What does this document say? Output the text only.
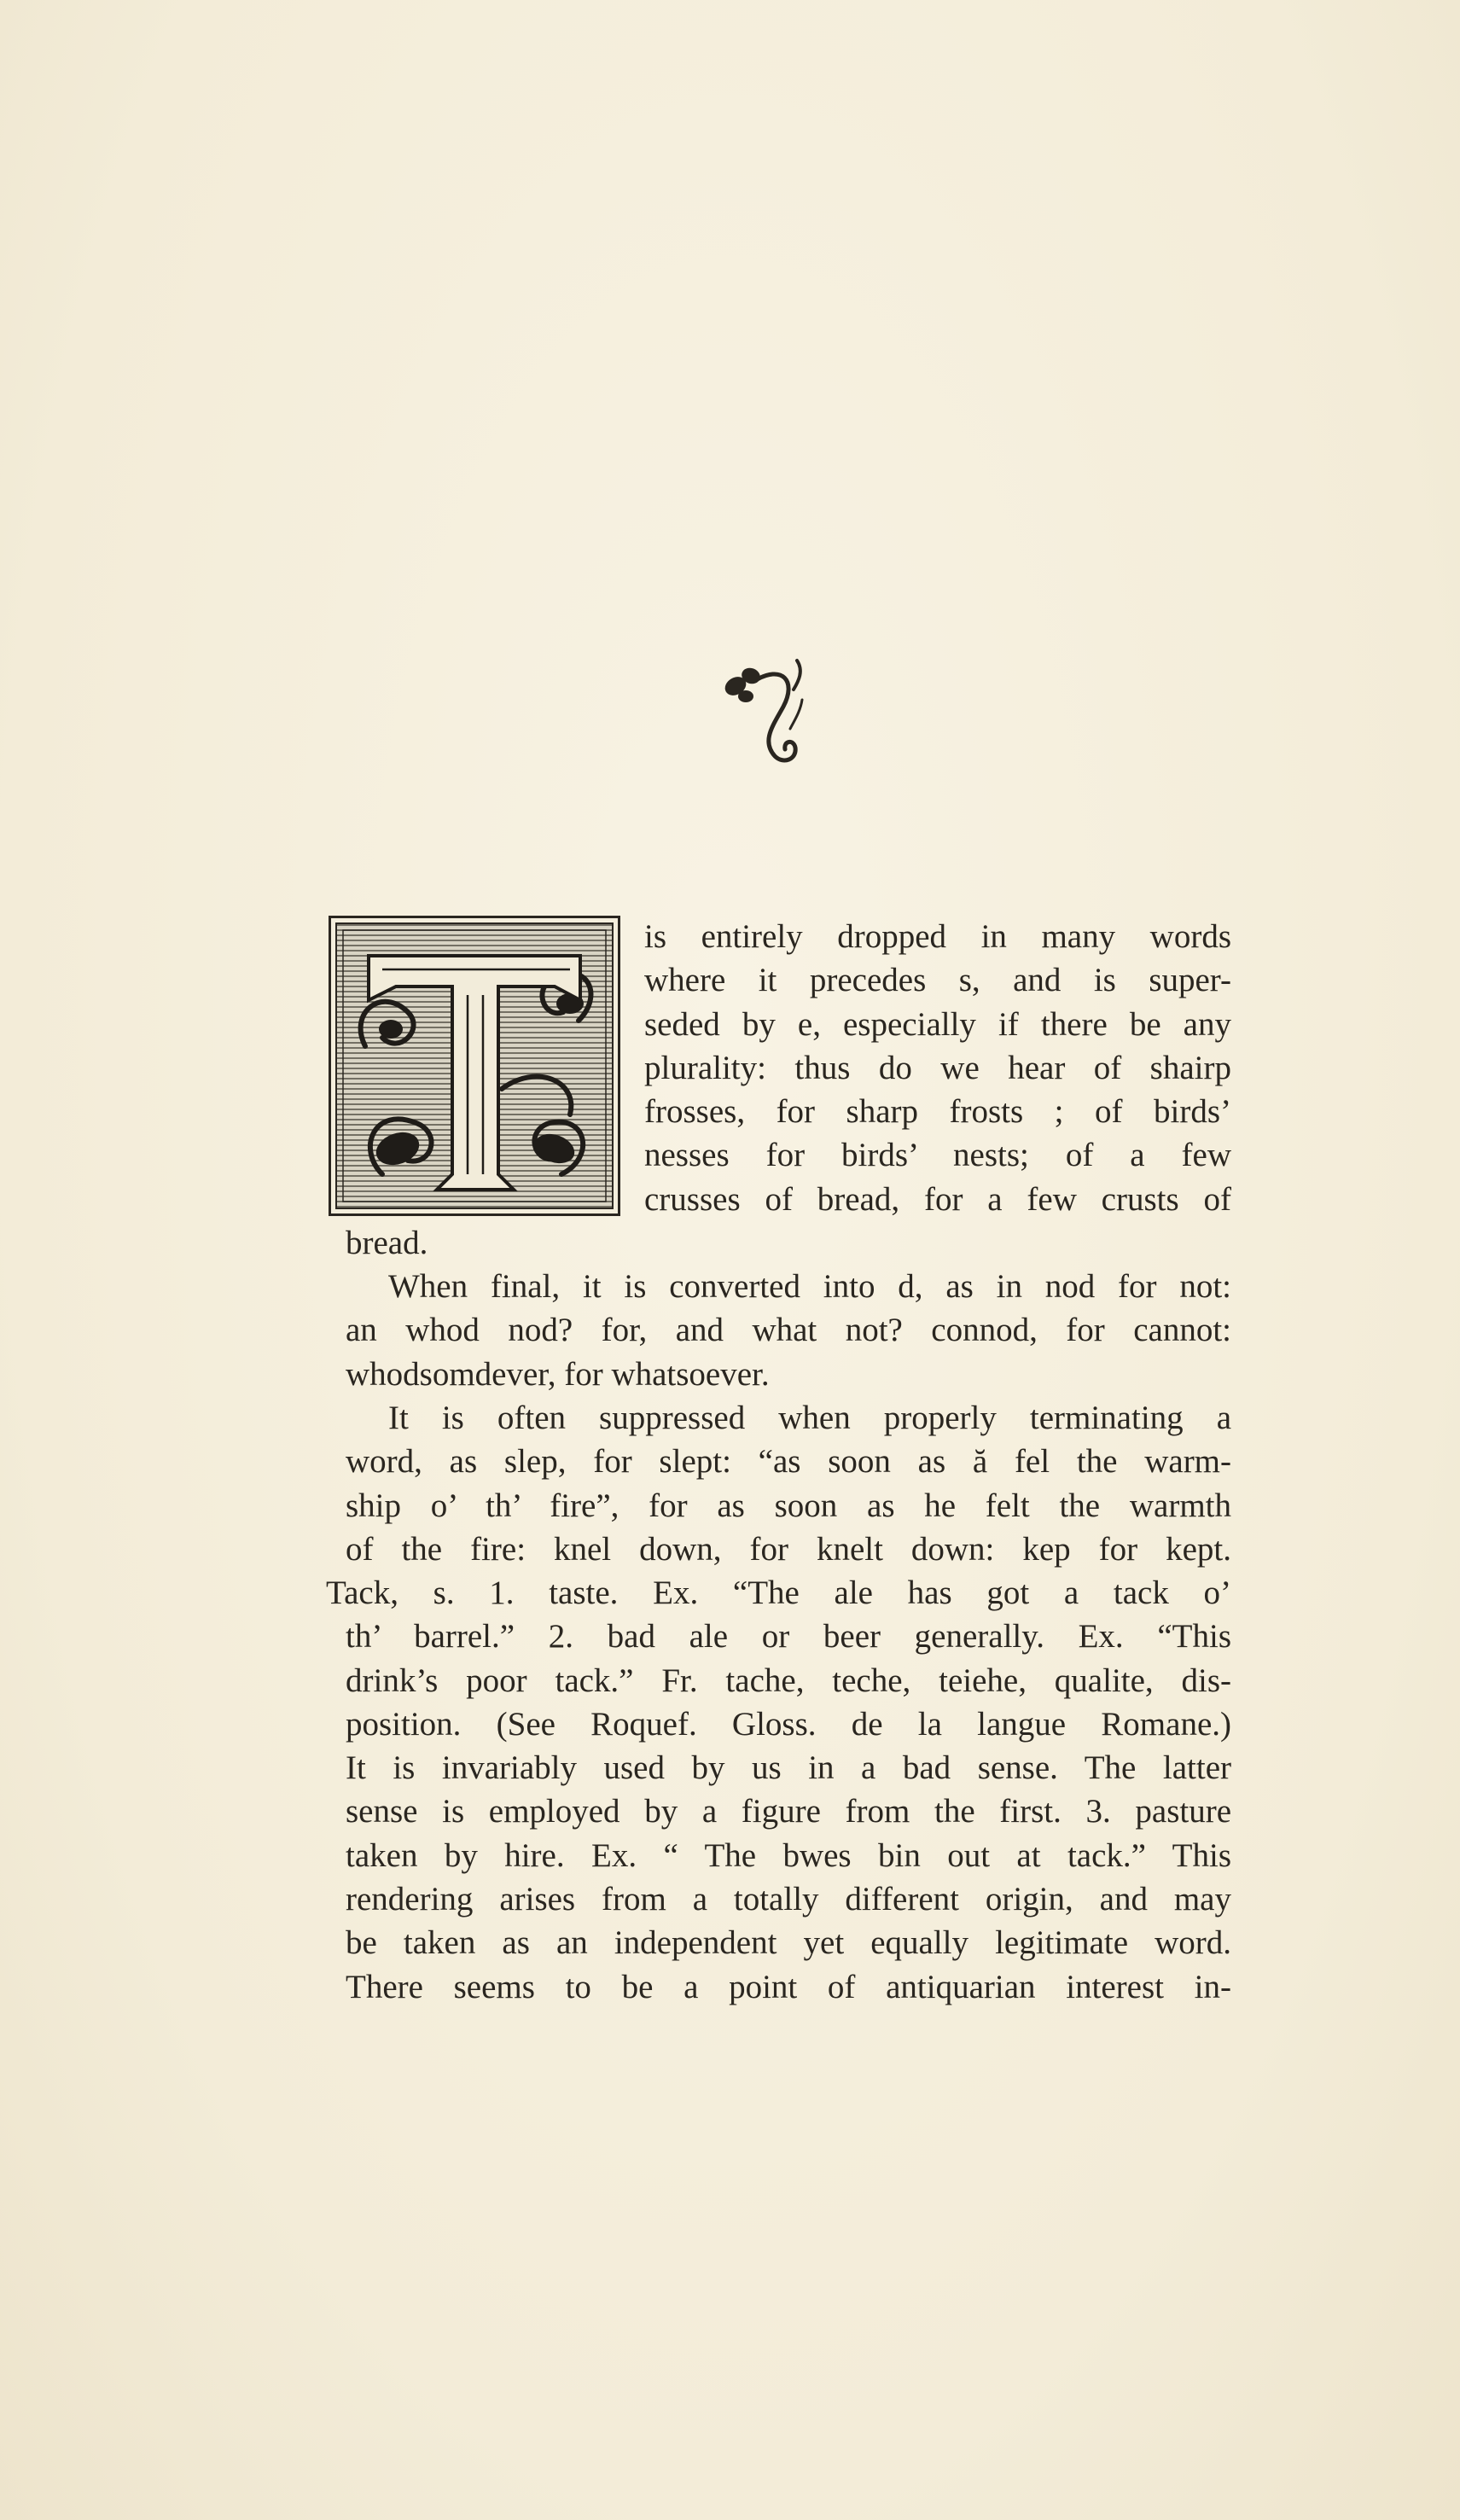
is entirely dropped in many words
where it precedes s, and is super-
seded by e, especially if there be any
plurality: thus do we hear of shairp
frosses, for sharp frosts ; of birds’
nesses for birds’ nests; of a few
crusses of bread, for a few crusts of
bread.
When final, it is converted into d, as in nod for not:
an whod nod? for, and what not? connod, for cannot:
whodsomdever, for whatsoever.
It is often suppressed when properly terminating a
word, as slep, for slept: “as soon as ă fel the warm-
ship o’ th’ fire”, for as soon as he felt the warmth
of the fire: knel down, for knelt down: kep for kept.
Tack, s. 1. taste. Ex. “The ale has got a tack o’
th’ barrel.” 2. bad ale or beer generally. Ex. “This
drink’s poor tack.” Fr. tache, teche, teiehe, qualite, dis-
position. (See Roquef. Gloss. de la langue Romane.)
It is invariably used by us in a bad sense. The latter
sense is employed by a figure from the first. 3. pasture
taken by hire. Ex. “ The bwes bin out at tack.” This
rendering arises from a totally different origin, and may
be taken as an independent yet equally legitimate word.
There seems to be a point of antiquarian interest in-
